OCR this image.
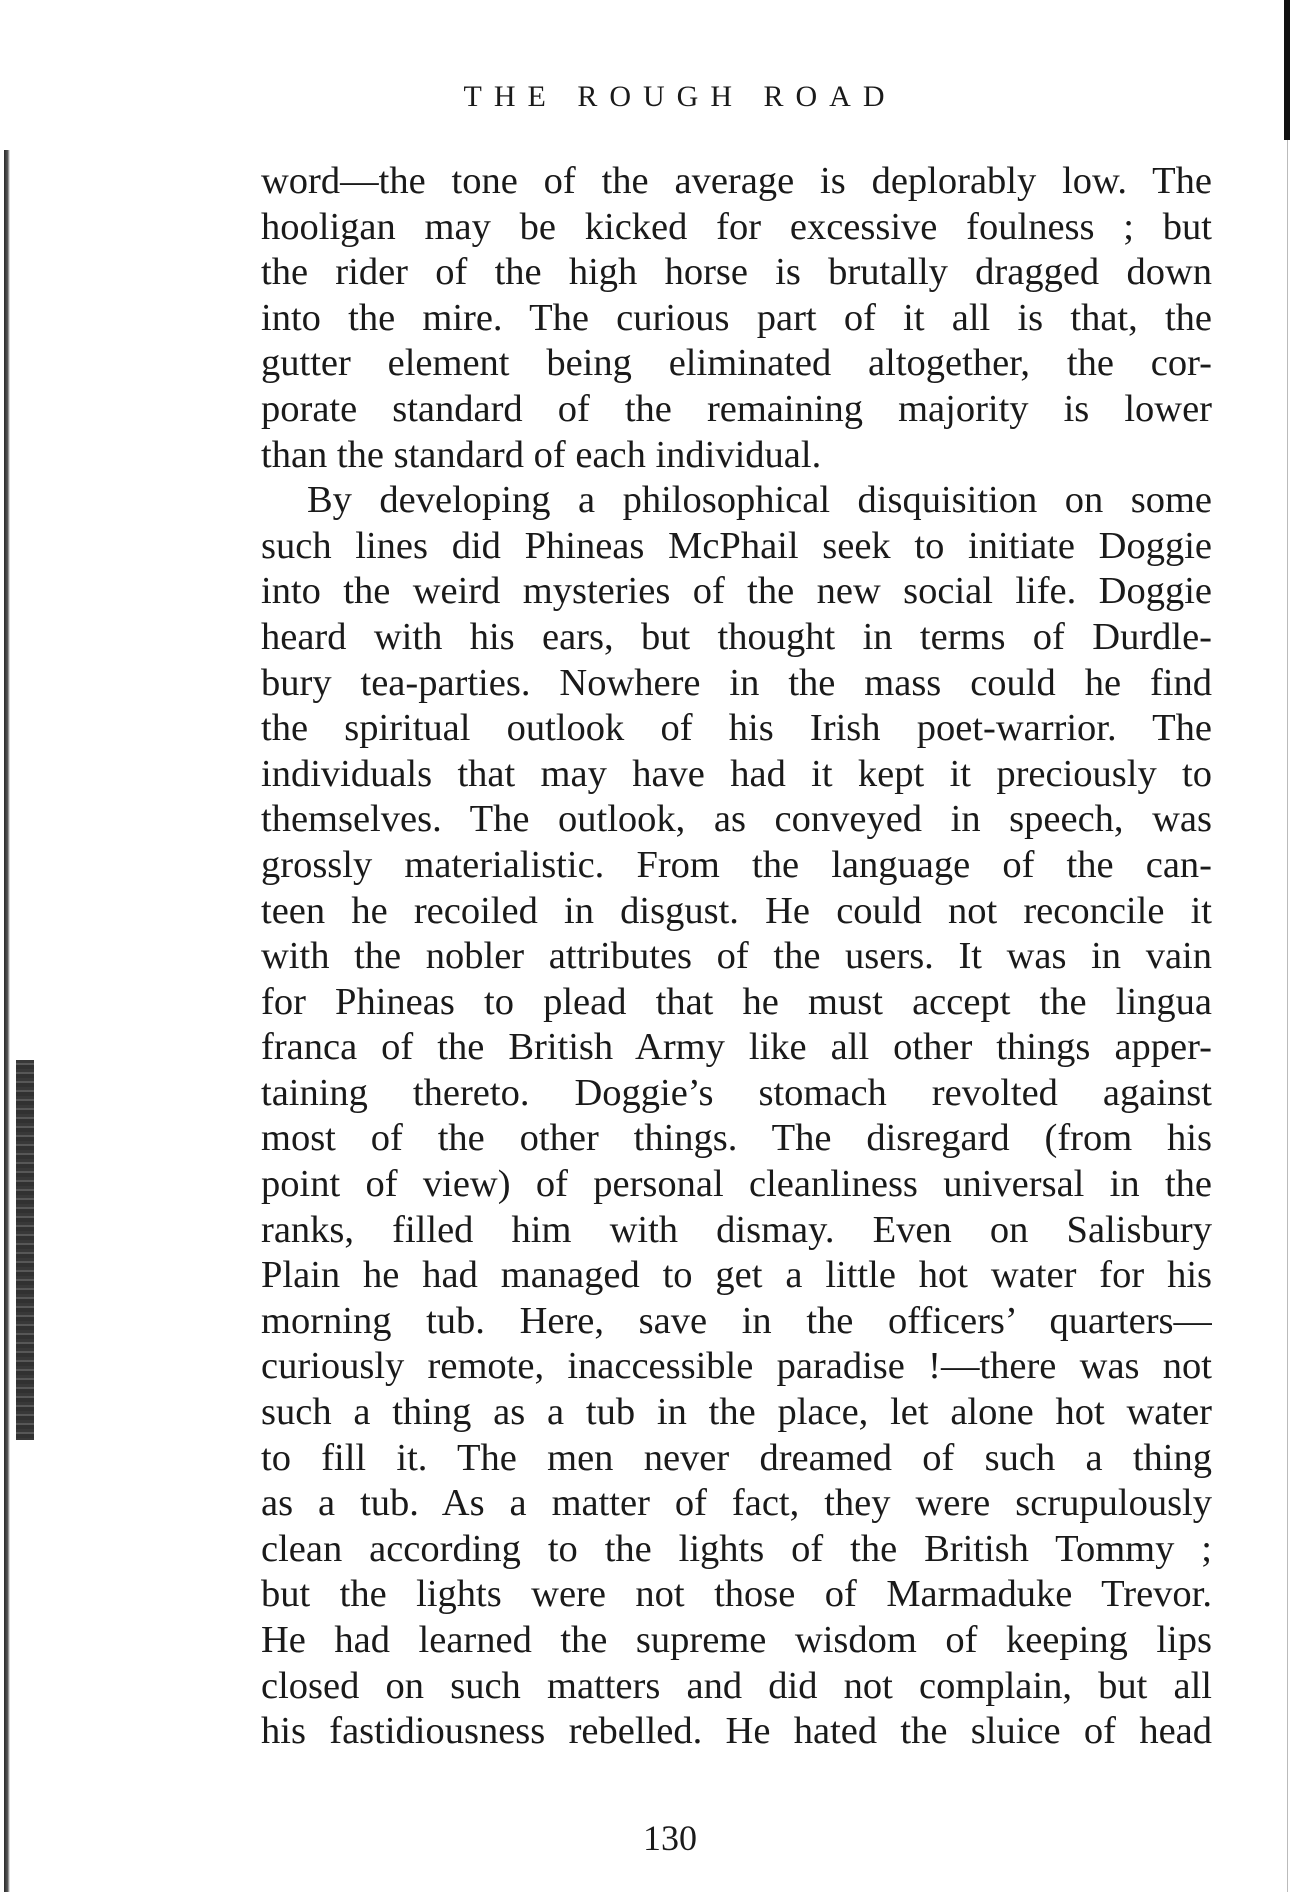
THE ROUGH ROAD
word—the tone of the average is deplorably low. The
hooligan may be kicked for excessive foulness ; but
the rider of the high horse is brutally dragged down
into the mire. The curious part of it all is that, the
gutter element being eliminated altogether, the cor-
porate standard of the remaining majority is lower
than the standard of each individual.
By developing a philosophical disquisition on some
such lines did Phineas McPhail seek to initiate Doggie
into the weird mysteries of the new social life. Doggie
heard with his ears, but thought in terms of Durdle-
bury tea-parties. Nowhere in the mass could he find
the spiritual outlook of his Irish poet-warrior. The
individuals that may have had it kept it preciously to
themselves. The outlook, as conveyed in speech, was
grossly materialistic. From the language of the can-
teen he recoiled in disgust. He could not reconcile it
with the nobler attributes of the users. It was in vain
for Phineas to plead that he must accept the lingua
franca of the British Army like all other things apper-
taining thereto. Doggie’s stomach revolted against
most of the other things. The disregard (from his
point of view) of personal cleanliness universal in the
ranks, filled him with dismay. Even on Salisbury
Plain he had managed to get a little hot water for his
morning tub. Here, save in the officers’ quarters—
curiously remote, inaccessible paradise !—there was not
such a thing as a tub in the place, let alone hot water
to fill it. The men never dreamed of such a thing
as a tub. As a matter of fact, they were scrupulously
clean according to the lights of the British Tommy ;
but the lights were not those of Marmaduke Trevor.
He had learned the supreme wisdom of keeping lips
closed on such matters and did not complain, but all
his fastidiousness rebelled. He hated the sluice of head
130
